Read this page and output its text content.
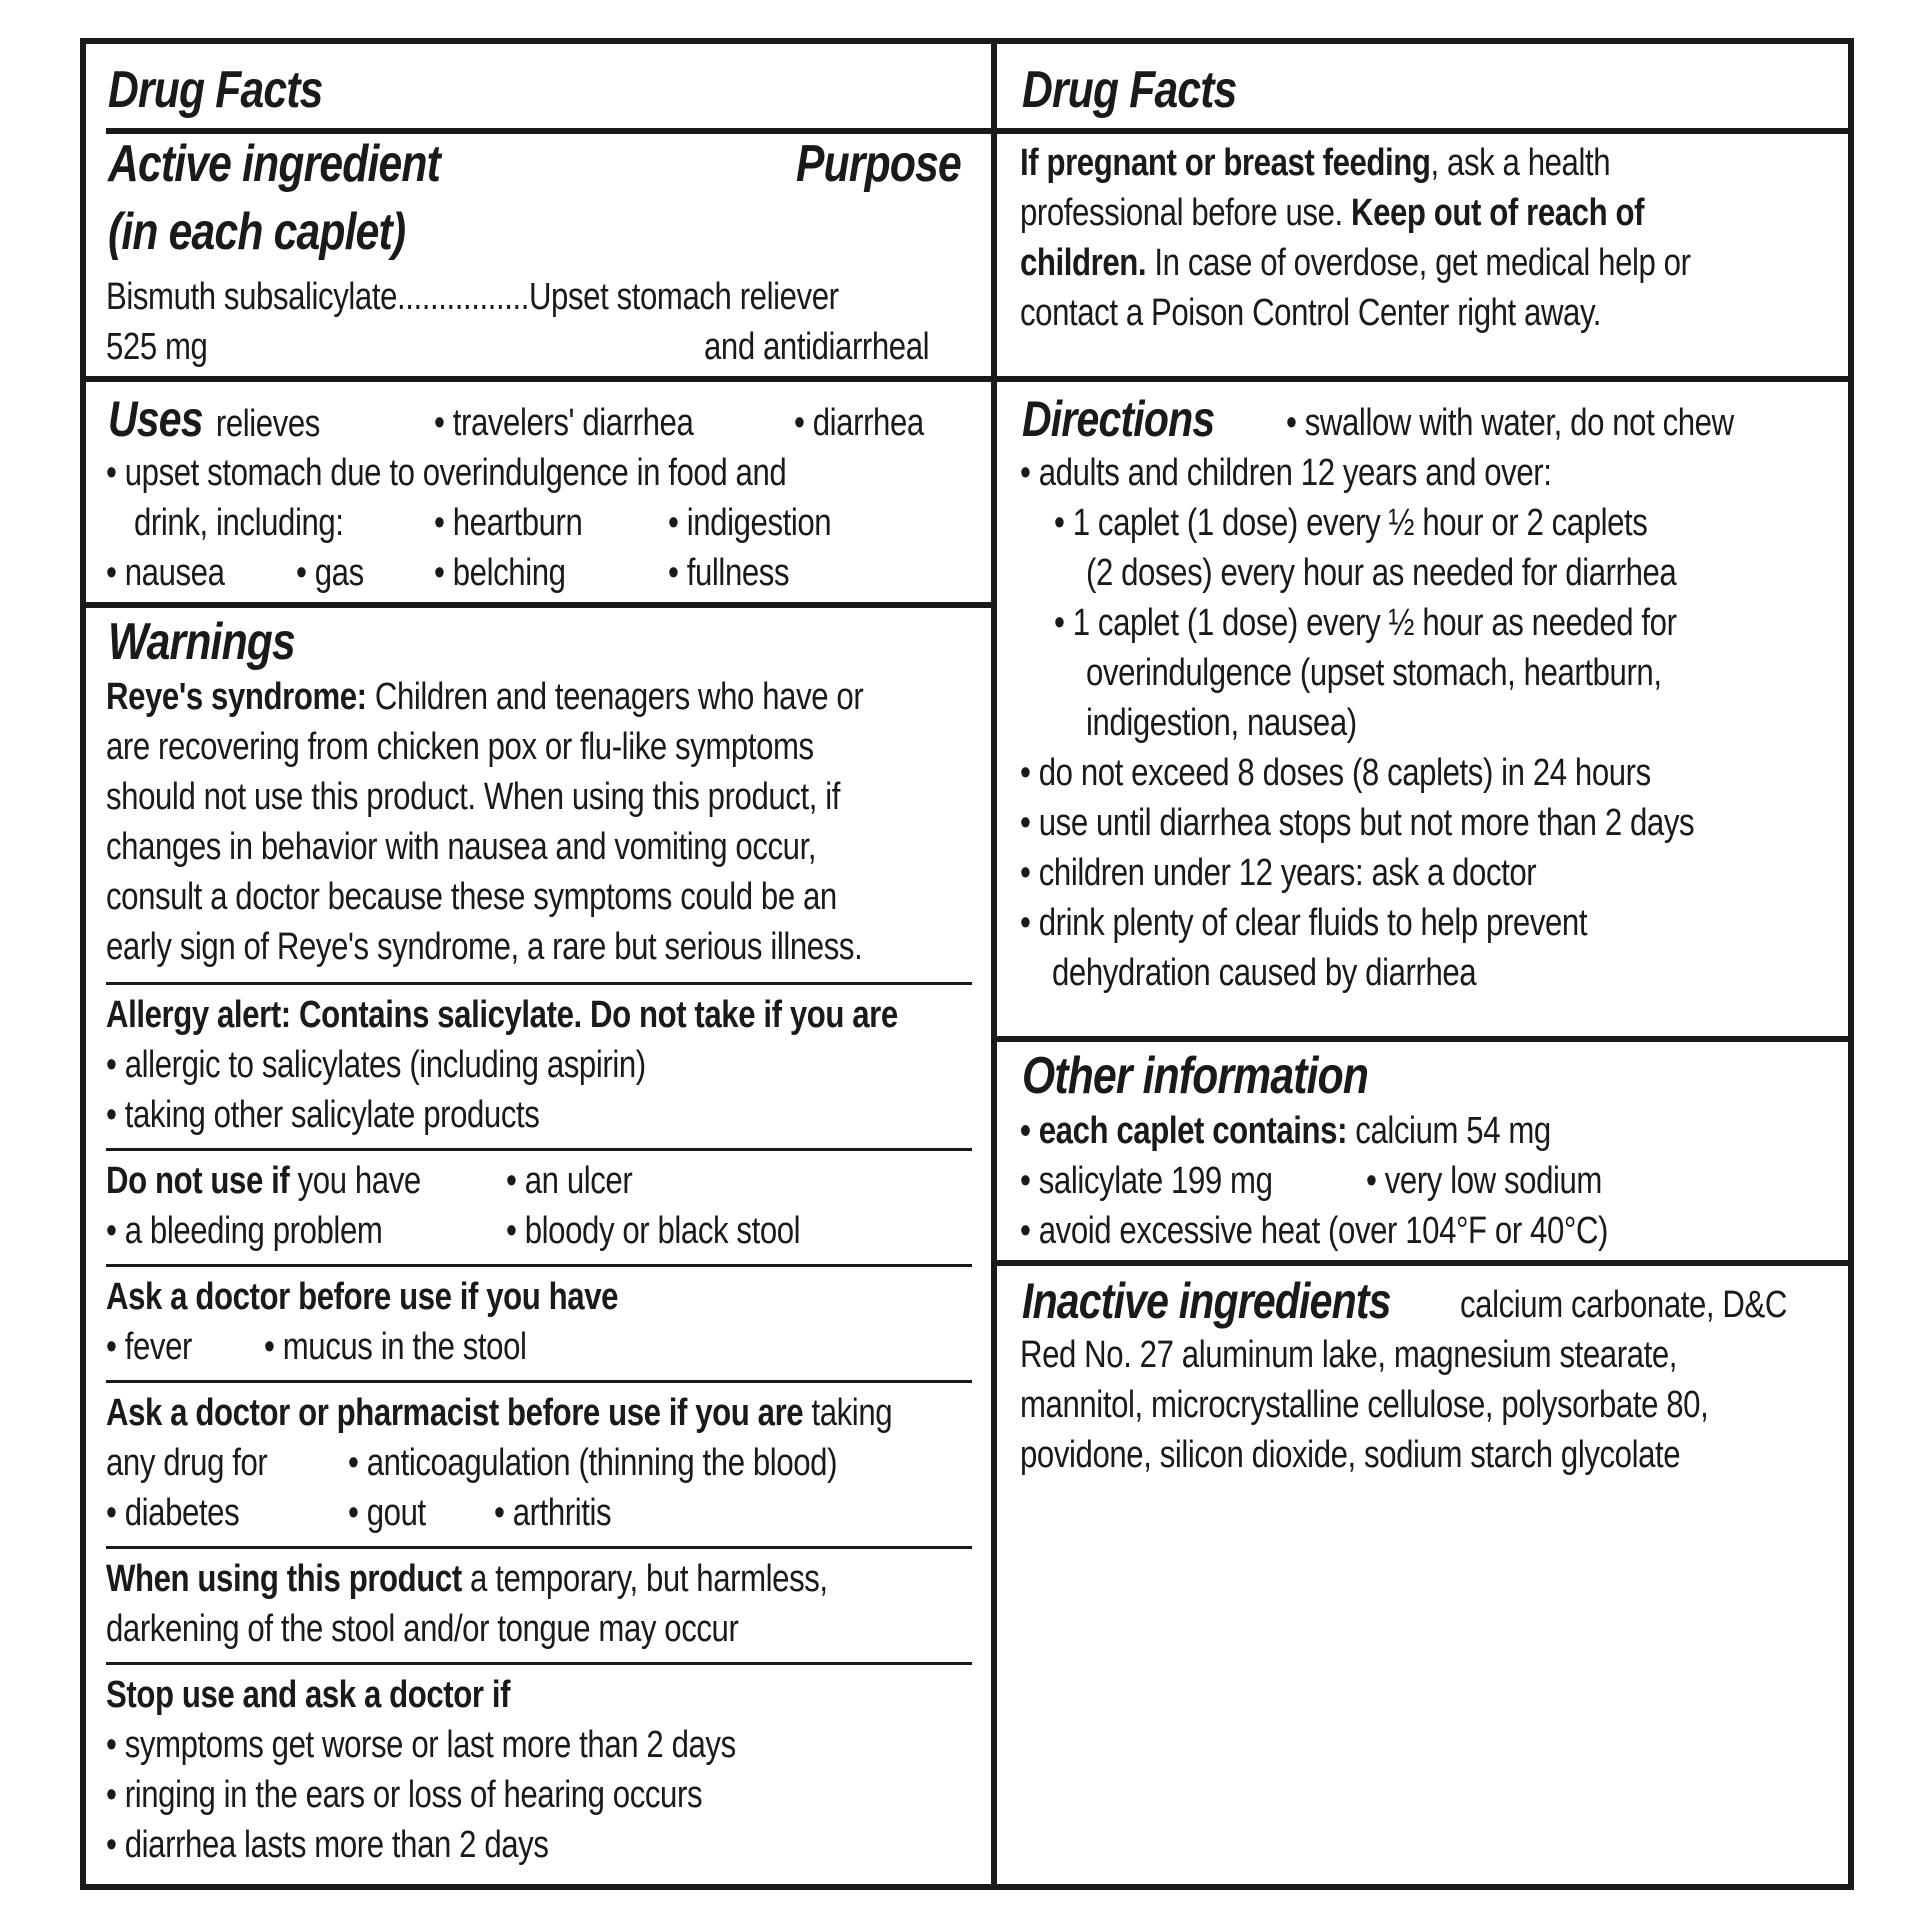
Drug Facts
Active ingredient
(in each caplet)
Purpose
Bismuth subsalicylate................Upset stomach reliever
525 mg	and antidiarrheal
Uses relieves	• travelers' diarrhea	• diarrhea
• upset stomach due to overindulgence in food and
drink, including: • heartburn • indigestion
• nausea • gas • belching	• fullness
Warnings
Reye's syndrome: Children and teenagers who have or
are recovering from chicken pox or flu-like symptoms
should not use this product. When using this product, if
changes in behavior with nausea and vomiting occur,
consult a doctor because these symptoms could be an
early sign of Reye's syndrome, a rare but serious illness.
Allergy alert: Contains salicylate. Do not take if you are
• allergic to salicylates (including aspirin)
• taking other salicylate products
Do not use if you have • an ulcer
• a bleeding problem	• bloody or black stool
Ask a doctor before use if you have
• fever • mucus in the stool
Ask a doctor or pharmacist before use if you are taking
any drug for • anticoagulation (thinning the blood)
• diabetes	• gout • arthritis
When using this product a temporary, but harmless,
darkening of the stool and/or tongue may occur
Stop use and ask a doctor if
• symptoms get worse or last more than 2 days
• ringing in the ears or loss of hearing occurs
• diarrhea lasts more than 2 days
Drug Facts
If pregnant or breast feeding, ask a health
professional before use. Keep out of reach of
children. In case of overdose, get medical help or
contact a Poison Control Center right away.
Directions • swallow with water, do not chew
• adults and children 12 years and over:
• 1 caplet (1 dose) every ½ hour or 2 caplets
(2 doses) every hour as needed for diarrhea
• 1 caplet (1 dose) every ½ hour as needed for
overindulgence (upset stomach, heartburn,
indigestion, nausea)
• do not exceed 8 doses (8 caplets) in 24 hours
• use until diarrhea stops but not more than 2 days
• children under 12 years: ask a doctor
• drink plenty of clear fluids to help prevent
dehydration caused by diarrhea
Other information
• each caplet contains: calcium 54 mg
• salicylate 199 mg • very low sodium
• avoid excessive heat (over 104°F or 40°C)
Inactive ingredients calcium carbonate, D&C
Red No. 27 aluminum lake, magnesium stearate,
mannitol, microcrystalline cellulose, polysorbate 80,
povidone, silicon dioxide, sodium starch glycolate
